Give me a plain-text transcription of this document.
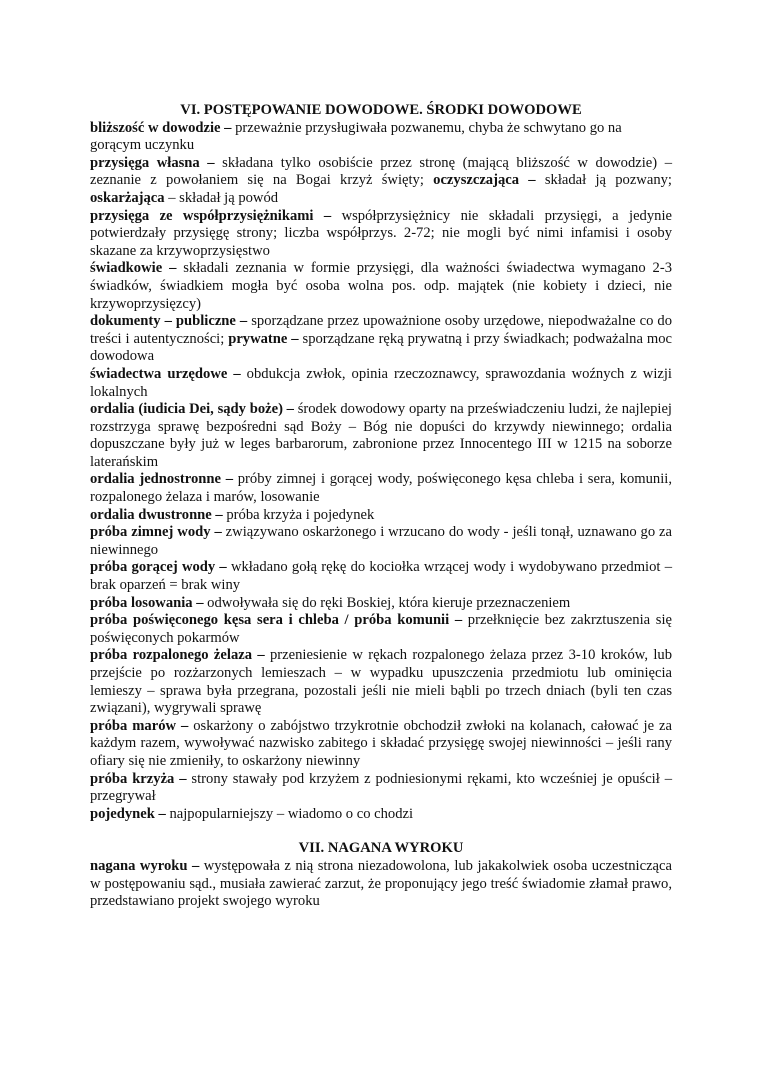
VI. POSTĘPOWANIE DOWODOWE. ŚRODKI DOWODOWE

bliższość w dowodzie – przeważnie przysługiwała pozwanemu, chyba że schwytano go na gorącym uczynku

przysięga własna – składana tylko osobiście przez stronę (mającą bliższość w dowodzie) – zeznanie z powołaniem się na Bogai krzyż święty; oczyszczająca – składał ją pozwany; oskarżająca – składał ją powód

przysięga ze współprzysiężnikami – współprzysiężnicy nie składali przysięgi, a jedynie potwierdzały przysięgę strony; liczba współprzys. 2-72; nie mogli być nimi infamisi i osoby skazane za krzywoprzysięstwo

świadkowie – składali zeznania w formie przysięgi, dla ważności świadectwa wymagano 2-3 świadków, świadkiem mogła być osoba wolna pos. odp. majątek (nie kobiety i dzieci, nie krzywoprzysięzcy)

dokumenty – publiczne – sporządzane przez upoważnione osoby urzędowe, niepodważalne co do treści i autentyczności; prywatne – sporządzane ręką prywatną i przy świadkach; podważalna moc dowodowa

świadectwa urzędowe – obdukcja zwłok, opinia rzeczoznawcy, sprawozdania woźnych z wizji lokalnych

ordalia (iudicia Dei, sądy boże) – środek dowodowy oparty na przeświadczeniu ludzi, że najlepiej rozstrzyga sprawę bezpośredni sąd Boży – Bóg nie dopuści do krzywdy niewinnego; ordalia dopuszczane były już w leges barbarorum, zabronione przez Innocentego III w 1215 na soborze laterańskim

ordalia jednostronne – próby zimnej i gorącej wody, poświęconego kęsa chleba i sera, komunii, rozpalonego żelaza i marów, losowanie

ordalia dwustronne – próba krzyża i pojedynek

próba zimnej wody – związywano oskarżonego i wrzucano do wody - jeśli tonął, uznawano go za niewinnego

próba gorącej wody – wkładano gołą rękę do kociołka wrzącej wody i wydobywano przedmiot – brak oparzeń = brak winy

próba losowania – odwoływała się do ręki Boskiej, która kieruje przeznaczeniem

próba poświęconego kęsa sera i chleba / próba komunii – przełknięcie bez zakrztuszenia się poświęconych pokarmów

próba rozpalonego żelaza – przeniesienie w rękach rozpalonego żelaza przez 3-10 kroków, lub przejście po rozżarzonych lemieszach – w wypadku upuszczenia przedmiotu lub ominięcia lemieszy – sprawa była przegrana, pozostali jeśli nie mieli bąbli po trzech dniach (byli ten czas związani), wygrywali sprawę

próba marów – oskarżony o zabójstwo trzykrotnie obchodził zwłoki na kolanach, całować je za każdym razem, wywoływać nazwisko zabitego i składać przysięgę swojej niewinności – jeśli rany ofiary się nie zmieniły, to oskarżony niewinny

próba krzyża – strony stawały pod krzyżem z podniesionymi rękami, kto wcześniej je opuścił – przegrywał

pojedynek – najpopularniejszy – wiadomo o co chodzi

VII. NAGANA WYROKU

nagana wyroku – występowała z nią strona niezadowolona, lub jakakolwiek osoba uczestnicząca w postępowaniu sąd., musiała zawierać zarzut, że proponujący jego treść świadomie złamał prawo, przedstawiano projekt swojego wyroku
